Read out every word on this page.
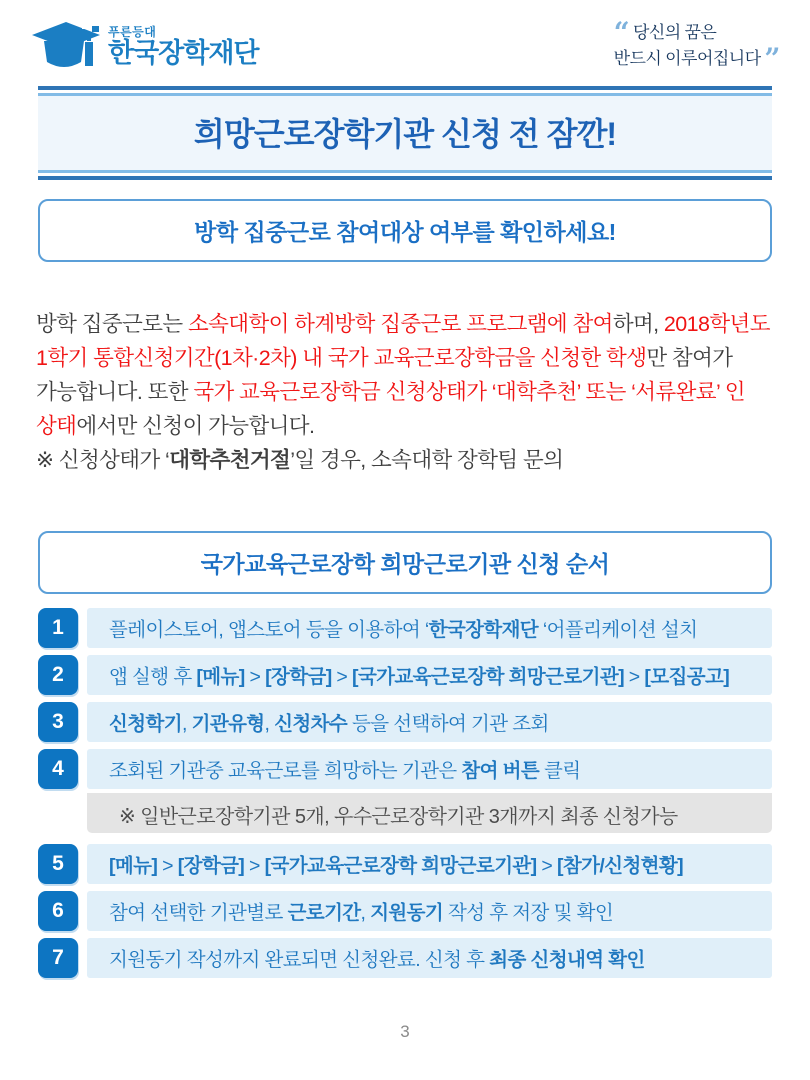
푸른등대
한국장학재단
“ 당신의 꿈은
반드시 이루어집니다 ”
희망근로장학기관 신청 전 잠깐!
방학 집중근로 참여대상 여부를 확인하세요!
방학 집중근로는 소속대학이 하계방학 집중근로 프로그램에 참여하며, 2018학년도 1학기 통합신청기간(1차·2차) 내 국가 교육근로장학금을 신청한 학생만 참여가 가능합니다. 또한 국가 교육근로장학금 신청상태가 ‘대학추천’ 또는 ‘서류완료’ 인 상태에서만 신청이 가능합니다.
※ 신청상태가 ‘대학추천거절’일 경우, 소속대학 장학팀 문의
국가교육근로장학 희망근로기관 신청 순서
1	플레이스토어, 앱스토어 등을 이용하여 ‘한국장학재단 ‘어플리케이션 설치
2	앱 실행 후 [메뉴] > [장학금] > [국가교육근로장학 희망근로기관] > [모집공고]
3	신청학기, 기관유형, 신청차수 등을 선택하여 기관 조회
4	조회된 기관중 교육근로를 희망하는 기관은 참여 버튼 클릭
※ 일반근로장학기관 5개, 우수근로장학기관 3개까지 최종 신청가능
5	[메뉴] > [장학금] > [국가교육근로장학 희망근로기관] > [참가/신청현황]
6	참여 선택한 기관별로 근로기간, 지원동기 작성 후 저장 및 확인
7	지원동기 작성까지 완료되면 신청완료. 신청 후 최종 신청내역 확인
3
